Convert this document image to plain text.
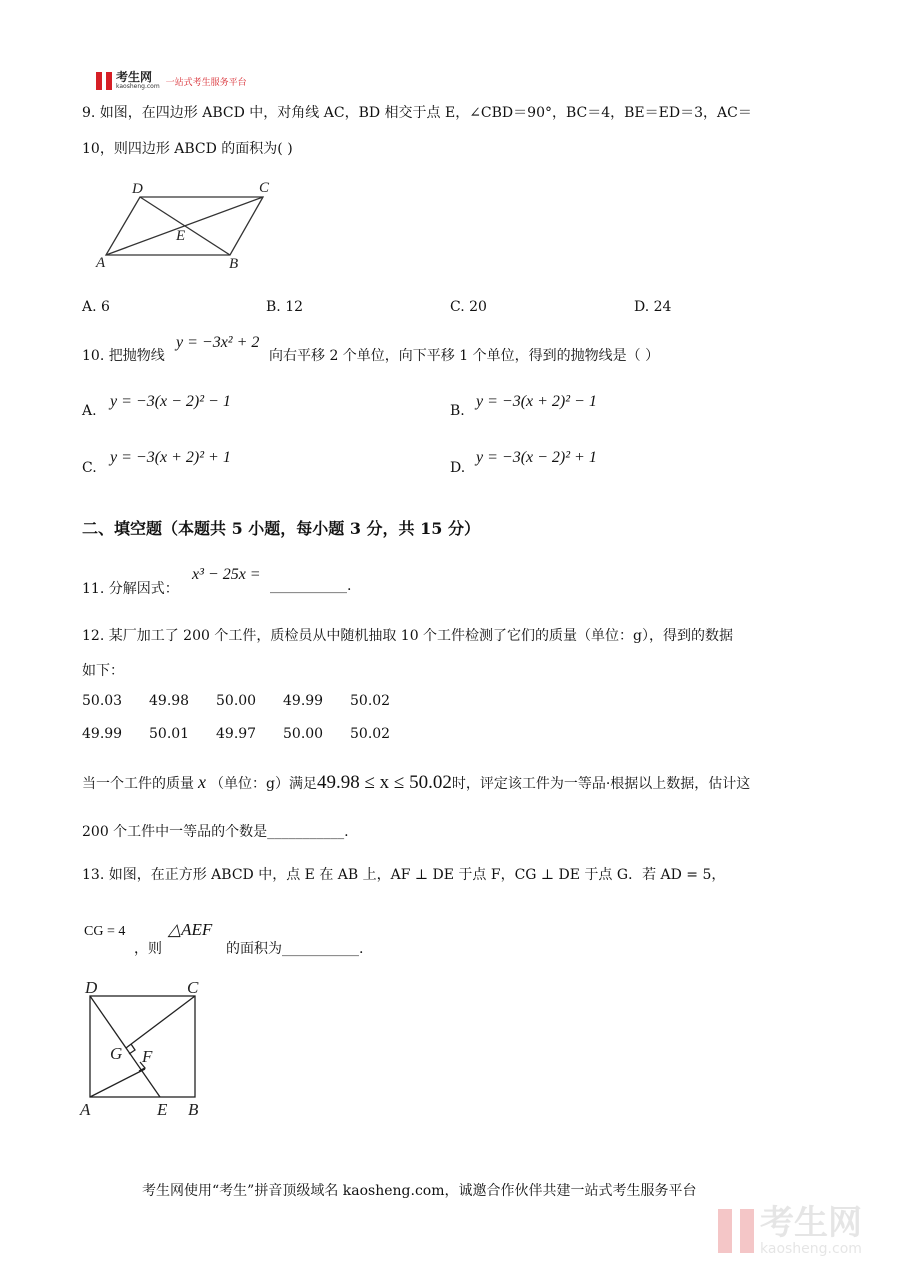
考生网
kaosheng.com 一站式考生服务平台
9. 如图，在四边形 ABCD 中，对角线 AC，BD 相交于点 E，∠CBD＝90°，BC＝4，BE＝ED＝3，AC＝
10，则四边形 ABCD 的面积为( )
D	C
E
A	B
A. 6	B. 12	C. 20	D. 24
10. 把抛物线
y = −3x² + 2
向右平移 2 个单位，向下平移 1 个单位，得到的抛物线是（ ）
A.
y = −3(x − 2)² − 1
B.
y = −3(x + 2)² − 1
C.
y = −3(x + 2)² + 1
D.
y = −3(x − 2)² + 1
二、填空题（本题共 5 小题，每小题 3 分，共 15 分）
11. 分解因式：
x³ − 25x =
___________.
12. 某厂加工了 200 个工件，质检员从中随机抽取 10 个工件检测了它们的质量（单位：g），得到的数据
如下：
50.03 49.98 50.00 49.99 50.02
49.99 50.01 49.97 50.00 50.02
当一个工件的质量 x （单位：g）满足49.98 ≤ x ≤ 50.02时，评定该工件为一等品·根据以上数据，估计这
200 个工件中一等品的个数是___________.
13. 如图，在正方形 ABCD 中，点 E 在 AB 上，AF ⊥ DE 于点 F，CG ⊥ DE 于点 G．若 AD = 5，
CG = 4
，则
△AEF
的面积为___________.
D	C
G F
A	E B
考生网使用“考生”拼音顶级域名 kaosheng.com，诚邀合作伙伴共建一站式考生服务平台
考生网
kaosheng.com
